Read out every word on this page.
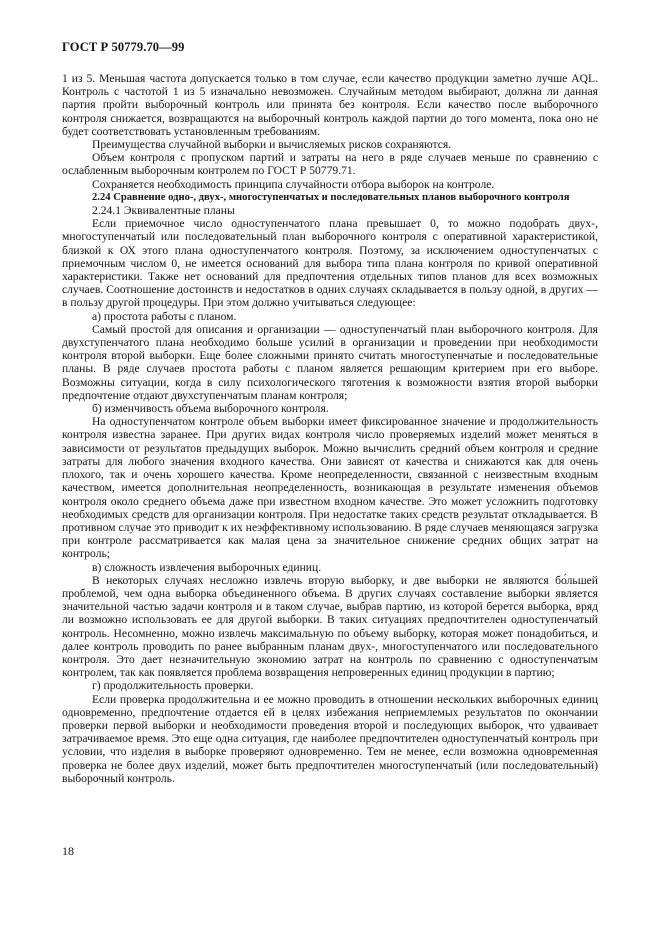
ГОСТ Р 50779.70—99

1 из 5. Меньшая частота допускается только в том случае, если качество продукции заметно лучше AQL. Контроль с частотой 1 из 5 изначально невозможен. Случайным методом выбирают, должна ли данная партия пройти выборочный контроль или принята без контроля. Если качество после выборочного контроля снижается, возвращаются на выборочный контроль каждой партии до того момента, пока оно не будет соответствовать установленным требованиям.

Преимущества случайной выборки и вычисляемых рисков сохраняются.

Объем контроля с пропуском партий и затраты на него в ряде случаев меньше по сравнению с ослабленным выборочным контролем по ГОСТ Р 50779.71.

Сохраняется необходимость принципа случайности отбора выборок на контроле.

2.24 Сравнение одно-, двух-, многоступенчатых и последовательных планов выборочного контроля

2.24.1 Эквивалентные планы

Если приемочное число одноступенчатого плана превышает 0, то можно подобрать двух-, многоступенчатый или последовательный план выборочного контроля с оперативной характеристикой, близкой к ОХ этого плана одноступенчатого контроля. Поэтому, за исключением одноступенчатых с приемочным числом 0, не имеется оснований для выбора типа плана контроля по кривой оперативной характеристики. Также нет оснований для предпочтения отдельных типов планов для всех возможных случаев. Соотношение достоинств и недостатков в одних случаях складывается в пользу одной, в других — в пользу другой процедуры. При этом должно учитываться следующее:

а) простота работы с планом.

Самый простой для описания и организации — одноступенчатый план выборочного контроля. Для двухступенчатого плана необходимо больше усилий в организации и проведении при необходимости контроля второй выборки. Еще более сложными принято считать многоступенчатые и последовательные планы. В ряде случаев простота работы с планом является решающим критерием при его выборе. Возможны ситуации, когда в силу психологического тяготения к возможности взятия второй выборки предпочтение отдают двухступенчатым планам контроля;

б) изменчивость объема выборочного контроля.

На одноступенчатом контроле объем выборки имеет фиксированное значение и продолжительность контроля известна заранее. При других видах контроля число проверяемых изделий может меняться в зависимости от результатов предыдущих выборок. Можно вычислить средний объем контроля и средние затраты для любого значения входного качества. Они зависят от качества и снижаются как для очень плохого, так и очень хорошего качества. Кроме неопределенности, связанной с неизвестным входным качеством, имеется дополнительная неопределенность, возникающая в результате изменения объемов контроля около среднего объема даже при известном входном качестве. Это может усложнить подготовку необходимых средств для организации контроля. При недостатке таких средств результат откладывается. В противном случае это приводит к их неэффективному использованию. В ряде случаев меняющаяся загрузка при контроле рассматривается как малая цена за значительное снижение средних общих затрат на контроль;

в) сложность извлечения выборочных единиц.

В некоторых случаях несложно извлечь вторую выборку, и две выборки не являются бо́льшей проблемой, чем одна выборка объединенного объема. В других случаях составление выборки является значительной частью задачи контроля и в таком случае, выбрав партию, из которой берется выборка, вряд ли возможно использовать ее для другой выборки. В таких ситуациях предпочтителен одноступенчатый контроль. Несомненно, можно извлечь максимальную по объему выборку, которая может понадобиться, и далее контроль проводить по ранее выбранным планам двух-, многоступенчатого или последовательного контроля. Это дает незначительную экономию затрат на контроль по сравнению с одноступенчатым контролем, так как появляется проблема возвращения непроверенных единиц продукции в партию;

г) продолжительность проверки.

Если проверка продолжительна и ее можно проводить в отношении нескольких выборочных единиц одновременно, предпочтение отдается ей в целях избежания неприемлемых результатов по окончании проверки первой выборки и необходимости проведения второй и последующих выборок, что удваивает затрачиваемое время. Это еще одна ситуация, где наиболее предпочтителен одноступенчатый контроль при условии, что изделия в выборке проверяют одновременно. Тем не менее, если возможна одновременная проверка не более двух изделий, может быть предпочтителен многоступенчатый (или последовательный) выборочный контроль.

18
